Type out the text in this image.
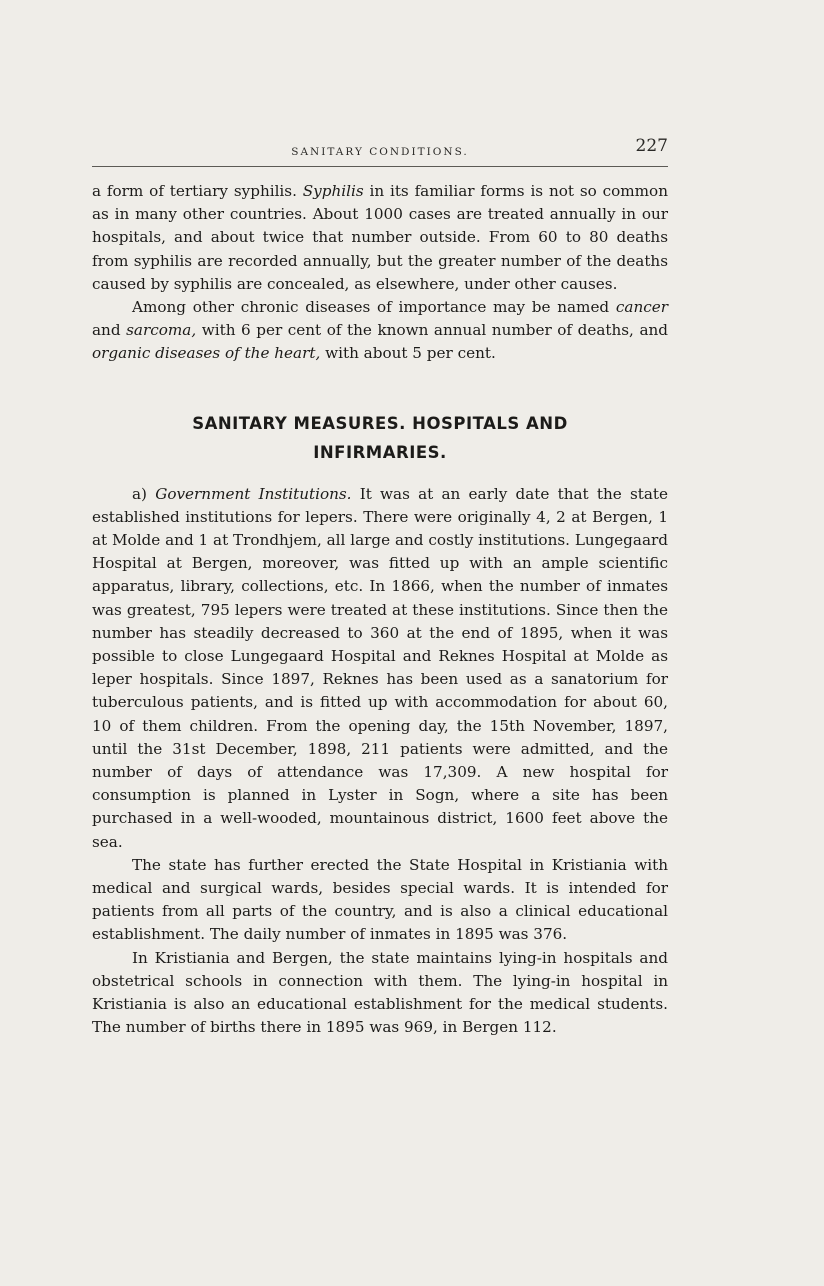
SANITARY CONDITIONS.	227

a form of tertiary syphilis. Syphilis in its familiar forms is not so common as in many other countries. About 1000 cases are treated annually in our hospitals, and about twice that number outside. From 60 to 80 deaths from syphilis are recorded annually, but the greater number of the deaths caused by syphilis are concealed, as elsewhere, under other causes.

Among other chronic diseases of importance may be named cancer and sarcoma, with 6 per cent of the known annual number of deaths, and organic diseases of the heart, with about 5 per cent.

SANITARY MEASURES. HOSPITALS AND INFIRMARIES.

a) Government Institutions. It was at an early date that the state established institutions for lepers. There were originally 4, 2 at Bergen, 1 at Molde and 1 at Trondhjem, all large and costly institutions. Lungegaard Hospital at Bergen, moreover, was fitted up with an ample scientific apparatus, library, collections, etc. In 1866, when the number of inmates was greatest, 795 lepers were treated at these institutions. Since then the number has steadily decreased to 360 at the end of 1895, when it was possible to close Lungegaard Hospital and Reknes Hospital at Molde as leper hospitals. Since 1897, Reknes has been used as a sanatorium for tuberculous patients, and is fitted up with accommodation for about 60, 10 of them children. From the opening day, the 15th November, 1897, until the 31st December, 1898, 211 patients were admitted, and the number of days of attendance was 17,309. A new hospital for consumption is planned in Lyster in Sogn, where a site has been purchased in a well-wooded, mountainous district, 1600 feet above the sea.

The state has further erected the State Hospital in Kristiania with medical and surgical wards, besides special wards. It is intended for patients from all parts of the country, and is also a clinical educational establishment. The daily number of inmates in 1895 was 376.

In Kristiania and Bergen, the state maintains lying-in hospitals and obstetrical schools in connection with them. The lying-in hospital in Kristiania is also an educational establishment for the medical students. The number of births there in 1895 was 969, in Bergen 112.
